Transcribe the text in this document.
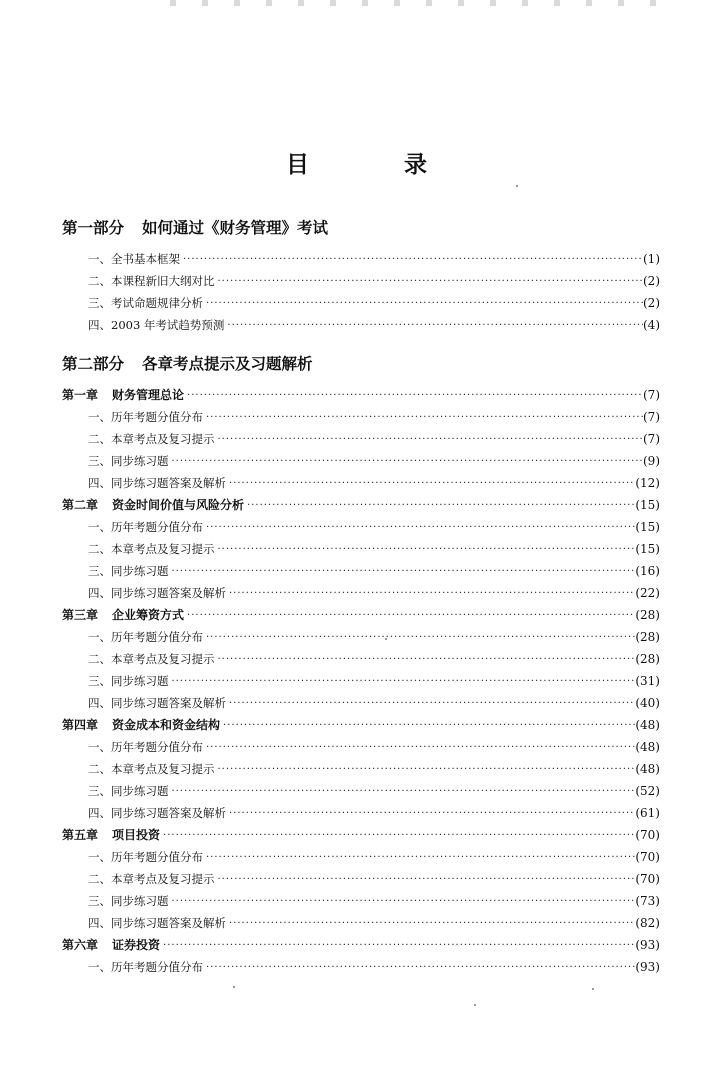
目　录
第一部分 如何通过《财务管理》考试
一、全书基本框架 ·····	(1)
二、本课程新旧大纲对比 ·····	(2)
三、考试命题规律分析 ·····	(2)
四、2003 年考试趋势预测 ·····	(4)
第二部分 各章考点提示及习题解析
第一章 财务管理总论 ·····	(7)
一、历年考题分值分布 ·····	(7)
二、本章考点及复习提示 ·····	(7)
三、同步练习题 ·····	(9)
四、同步练习题答案及解析 ·····	(12)
第二章 资金时间价值与风险分析 ·····	(15)
一、历年考题分值分布 ·····	(15)
二、本章考点及复习提示 ·····	(15)
三、同步练习题 ·····	(16)
四、同步练习题答案及解析 ·····	(22)
第三章 企业筹资方式 ·····	(28)
一、历年考题分值分布 ·····	(28)
二、本章考点及复习提示 ·····	(28)
三、同步练习题 ·····	(31)
四、同步练习题答案及解析 ·····	(40)
第四章 资金成本和资金结构 ·····	(48)
一、历年考题分值分布 ·····	(48)
二、本章考点及复习提示 ·····	(48)
三、同步练习题 ·····	(52)
四、同步练习题答案及解析 ·····	(61)
第五章 项目投资 ·····	(70)
一、历年考题分值分布 ·····	(70)
二、本章考点及复习提示 ·····	(70)
三、同步练习题 ·····	(73)
四、同步练习题答案及解析 ·····	(82)
第六章 证券投资 ·····	(93)
一、历年考题分值分布 ·····	(93)
